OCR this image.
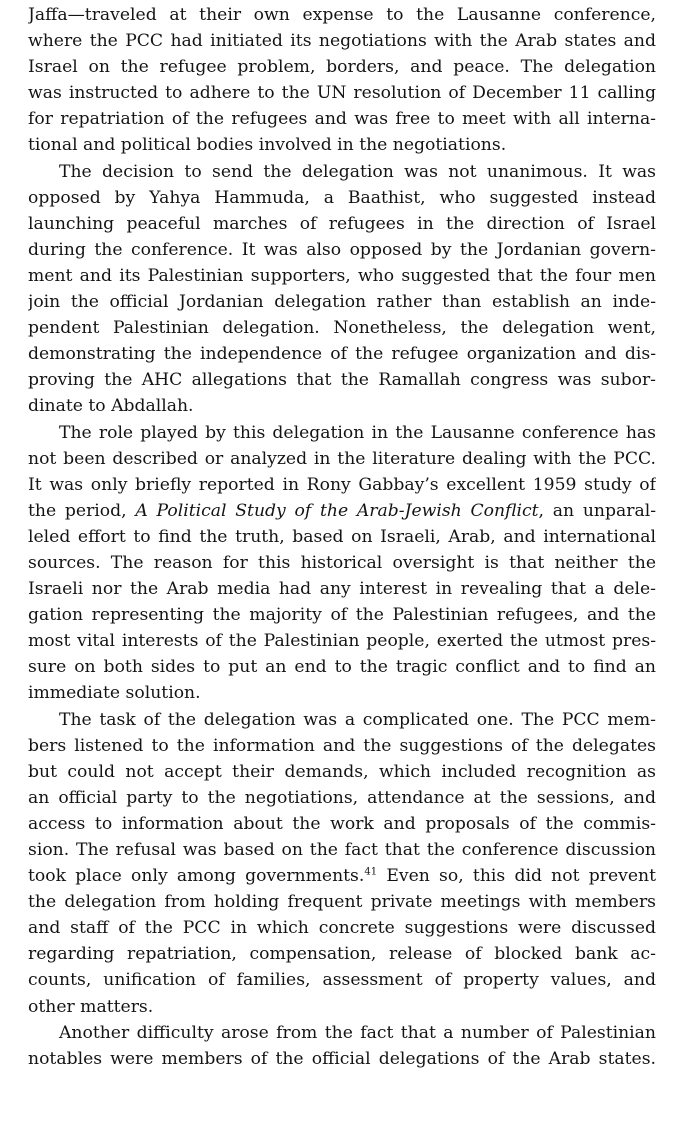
Jaffa—traveled at their own expense to the Lausanne conference,
where the PCC had initiated its negotiations with the Arab states and
Israel on the refugee problem, borders, and peace. The delegation
was instructed to adhere to the UN resolution of December 11 calling
for repatriation of the refugees and was free to meet with all interna-
tional and political bodies involved in the negotiations.
The decision to send the delegation was not unanimous. It was
opposed by Yahya Hammuda, a Baathist, who suggested instead
launching peaceful marches of refugees in the direction of Israel
during the conference. It was also opposed by the Jordanian govern-
ment and its Palestinian supporters, who suggested that the four men
join the official Jordanian delegation rather than establish an inde-
pendent Palestinian delegation. Nonetheless, the delegation went,
demonstrating the independence of the refugee organization and dis-
proving the AHC allegations that the Ramallah congress was subor-
dinate to Abdallah.
The role played by this delegation in the Lausanne conference has
not been described or analyzed in the literature dealing with the PCC.
It was only briefly reported in Rony Gabbay’s excellent 1959 study of
the period, A Political Study of the Arab-Jewish Conflict, an unparal-
leled effort to find the truth, based on Israeli, Arab, and international
sources. The reason for this historical oversight is that neither the
Israeli nor the Arab media had any interest in revealing that a dele-
gation representing the majority of the Palestinian refugees, and the
most vital interests of the Palestinian people, exerted the utmost pres-
sure on both sides to put an end to the tragic conflict and to find an
immediate solution.
The task of the delegation was a complicated one. The PCC mem-
bers listened to the information and the suggestions of the delegates
but could not accept their demands, which included recognition as
an official party to the negotiations, attendance at the sessions, and
access to information about the work and proposals of the commis-
sion. The refusal was based on the fact that the conference discussion
took place only among governments.$^{41}$ Even so, this did not prevent
the delegation from holding frequent private meetings with members
and staff of the PCC in which concrete suggestions were discussed
regarding repatriation, compensation, release of blocked bank ac-
counts, unification of families, assessment of property values, and
other matters.
Another difficulty arose from the fact that a number of Palestinian
notables were members of the official delegations of the Arab states.
